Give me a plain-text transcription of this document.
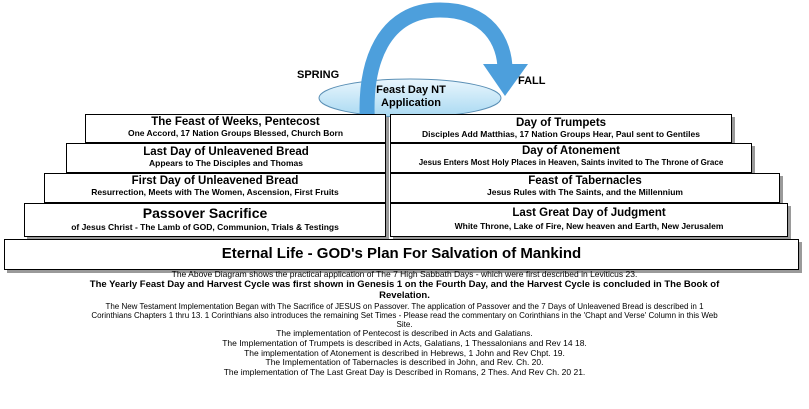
SPRING	FALL
Feast Day NT
Application
The Feast of Weeks, Pentecost
One Accord, 17 Nation Groups Blessed, Church Born
Last Day of Unleavened Bread
Appears to The Disciples and Thomas
First Day of Unleavened Bread
Resurrection, Meets with The Women, Ascension, First Fruits
Passover Sacrifice
of Jesus Christ - The Lamb of GOD, Communion, Trials & Testings
Day of Trumpets
Disciples Add Matthias, 17 Nation Groups Hear, Paul sent to Gentiles
Day of Atonement
Jesus Enters Most Holy Places in Heaven, Saints invited to The Throne of Grace
Feast of Tabernacles
Jesus Rules with The Saints, and the Millennium
Last Great Day of Judgment
White Throne, Lake of Fire, New heaven and Earth, New Jerusalem
Eternal Life - GOD's Plan For Salvation of Mankind
The Above Diagram shows the practical application of The 7 High Sabbath Days - which were first described in Leviticus 23.
The Yearly Feast Day and Harvest Cycle was first shown in Genesis 1 on the Fourth Day, and the Harvest Cycle is concluded in The Book of
Revelation.
The New Testament Implementation Began with The Sacrifice of JESUS on Passover. The application of Passover and the 7 Days of Unleavened Bread is described in 1
Corinthians Chapters 1 thru 13. 1 Corinthians also introduces the remaining Set Times - Please read the commentary on Corinthians in the 'Chapt and Verse' Column in this Web
Site.
The implementation of Pentecost is described in Acts and Galatians.
The Implementation of Trumpets is described in Acts, Galatians, 1 Thessalonians and Rev 14 18.
The implementation of Atonement is described in Hebrews, 1 John and Rev Chpt. 19.
The Implementation of Tabernacles is described in John, and Rev. Ch. 20.
The implementation of The Last Great Day is Described in Romans, 2 Thes. And Rev Ch. 20 21.
